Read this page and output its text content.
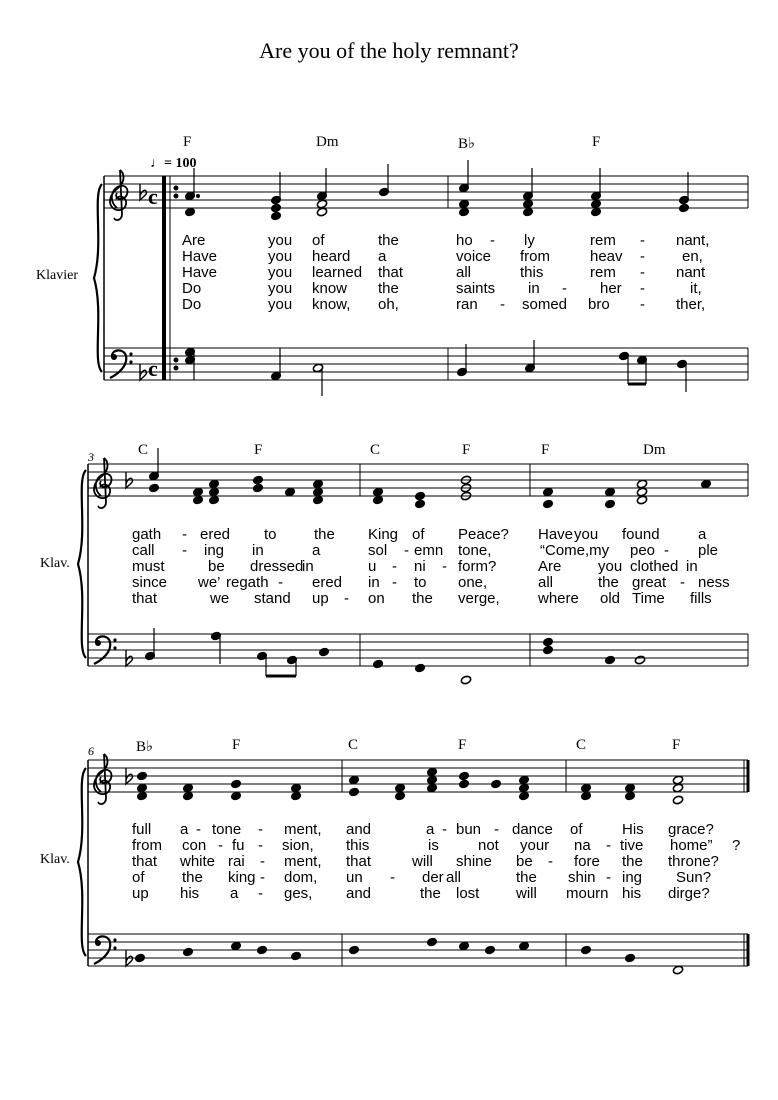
Are you of the holy remnant?
c
c
♩= 100
Klavier
Klav.
Klav.
3
6
F	Dm	B♭	F
C	F	C	F	F	Dm
B♭	F	C	F	C	F
Are	you of	the	ho - ly	rem - nant,
Have	you heard a	voice from	heav - en,
Have	you learned that	all	this	rem - nant
Do	you know the	saints in - her -	it,
Do	you know, oh,	ran - somed bro - ther,
gath - ered to the King of Peace? Have you found	a
call - ing in	a	sol - emn tone,	“Come,my peo - ple
must	be dressed
in	u - ni - form?	Are you clothed in
since we’ regath - ered in - to one,	all	the great - ness
that	we stand up - on the verge,	where old Time fills
full a - tone - ment, and	a - bun - dance of	His grace?
from con - fu - sion, this	is	not your na - tive home” ?
that white rai - ment, that	will shine be - fore the throne?
of the king - dom, un - der all	the shin - ing Sun?
up his a - ges, and	the lost will mourn his dirge?
